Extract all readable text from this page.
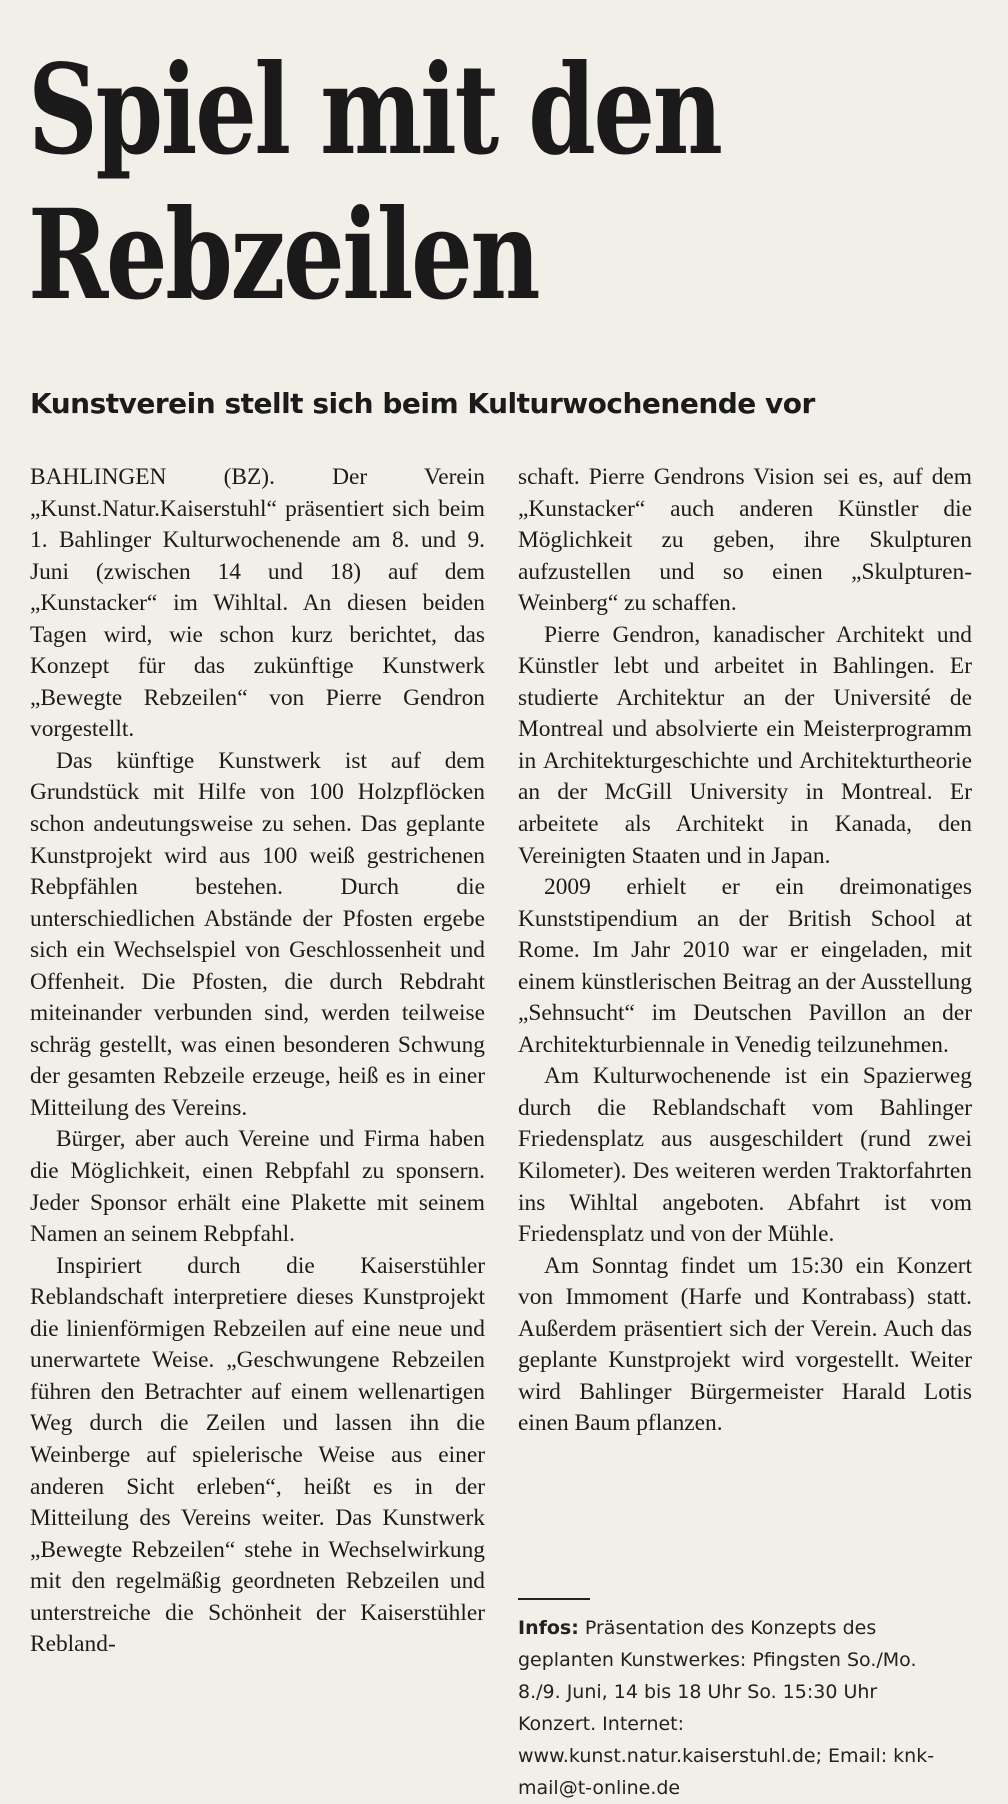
Spiel mit den
Rebzeilen
Kunstverein stellt sich beim Kulturwochenende vor

BAHLINGEN (BZ). Der Verein „Kunst.Natur.Kaiserstuhl“ präsentiert sich beim 1. Bahlinger Kulturwochenende am 8. und 9. Juni (zwischen 14 und 18) auf dem „Kunstacker“ im Wihltal. An diesen beiden Tagen wird, wie schon kurz berichtet, das Konzept für das zukünftige Kunstwerk „Bewegte Rebzeilen“ von Pierre Gendron vorgestellt.

Das künftige Kunstwerk ist auf dem Grundstück mit Hilfe von 100 Holzpflöcken schon andeutungsweise zu sehen. Das geplante Kunstprojekt wird aus 100 weiß gestrichenen Rebpfählen bestehen. Durch die unterschiedlichen Abstände der Pfosten ergebe sich ein Wechselspiel von Geschlossenheit und Offenheit. Die Pfosten, die durch Rebdraht miteinander verbunden sind, werden teilweise schräg gestellt, was einen besonderen Schwung der gesamten Rebzeile erzeuge, heiß es in einer Mitteilung des Vereins.

Bürger, aber auch Vereine und Firma haben die Möglichkeit, einen Rebpfahl zu sponsern. Jeder Sponsor erhält eine Plakette mit seinem Namen an seinem Rebpfahl.

Inspiriert durch die Kaiserstühler Reblandschaft interpretiere dieses Kunstprojekt die linienförmigen Rebzeilen auf eine neue und unerwartete Weise. „Geschwungene Rebzeilen führen den Betrachter auf einem wellenartigen Weg durch die Zeilen und lassen ihn die Weinberge auf spielerische Weise aus einer anderen Sicht erleben“, heißt es in der Mitteilung des Vereins weiter. Das Kunstwerk „Bewegte Rebzeilen“ stehe in Wechselwirkung mit den regelmäßig geordneten Rebzeilen und unterstreiche die Schönheit der Kaiserstühler Rebland-

schaft. Pierre Gendrons Vision sei es, auf dem „Kunstacker“ auch anderen Künstler die Möglichkeit zu geben, ihre Skulpturen aufzustellen und so einen „Skulpturen-Weinberg“ zu schaffen.

Pierre Gendron, kanadischer Architekt und Künstler lebt und arbeitet in Bahlingen. Er studierte Architektur an der Université de Montreal und absolvierte ein Meisterprogramm in Architekturgeschichte und Architekturtheorie an der McGill University in Montreal. Er arbeitete als Architekt in Kanada, den Vereinigten Staaten und in Japan.

2009 erhielt er ein dreimonatiges Kunststipendium an der British School at Rome. Im Jahr 2010 war er eingeladen, mit einem künstlerischen Beitrag an der Ausstellung „Sehnsucht“ im Deutschen Pavillon an der Architekturbiennale in Venedig teilzunehmen.

Am Kulturwochenende ist ein Spazierweg durch die Reblandschaft vom Bahlinger Friedensplatz aus ausgeschildert (rund zwei Kilometer). Des weiteren werden Traktorfahrten ins Wihltal angeboten. Abfahrt ist vom Friedensplatz und von der Mühle.

Am Sonntag findet um 15:30 ein Konzert von Immoment (Harfe und Kontrabass) statt. Außerdem präsentiert sich der Verein. Auch das geplante Kunstprojekt wird vorgestellt. Weiter wird Bahlinger Bürgermeister Harald Lotis einen Baum pflanzen.

Infos: Präsentation des Konzepts des geplanten Kunstwerkes: Pfingsten So./Mo. 8./9. Juni, 14 bis 18 Uhr So. 15:30 Uhr Konzert. Internet: www.kunst.natur.kaiserstuhl.de; Email: knk-mail@t-online.de
